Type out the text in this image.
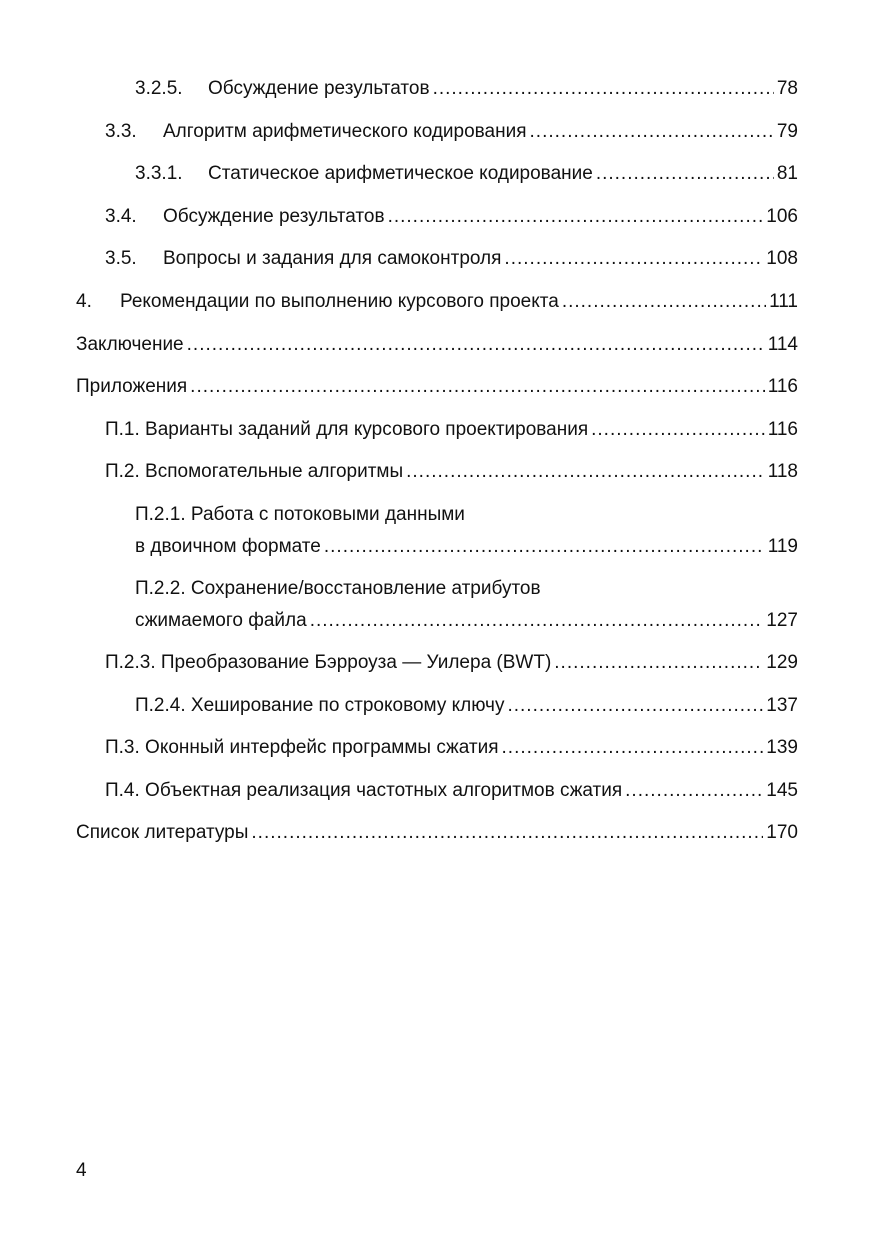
3.2.5.	Обсуждение результатов .....	78
3.3.	Алгоритм арифметического кодирования .....	79
3.3.1.	Статическое арифметическое кодирование .....	81
3.4.	Обсуждение результатов .....	106
3.5.	Вопросы и задания для самоконтроля .....	108
4.	Рекомендации по выполнению курсового проекта .....	111
Заключение .....	114
Приложения .....	116
П.1. Варианты заданий для курсового проектирования .....	116
П.2. Вспомогательные алгоритмы .....	118
П.2.1. Работа с потоковыми данными
в двоичном формате .....	119
П.2.2. Сохранение/восстановление атрибутов
сжимаемого файла .....	127
П.2.3. Преобразование Бэрроуза — Уилера (BWT) .....	129
П.2.4. Хеширование по строковому ключу .....	137
П.3. Оконный интерфейс программы сжатия .....	139
П.4. Объектная реализация частотных алгоритмов сжатия .....	145
Список литературы .....	170
4
